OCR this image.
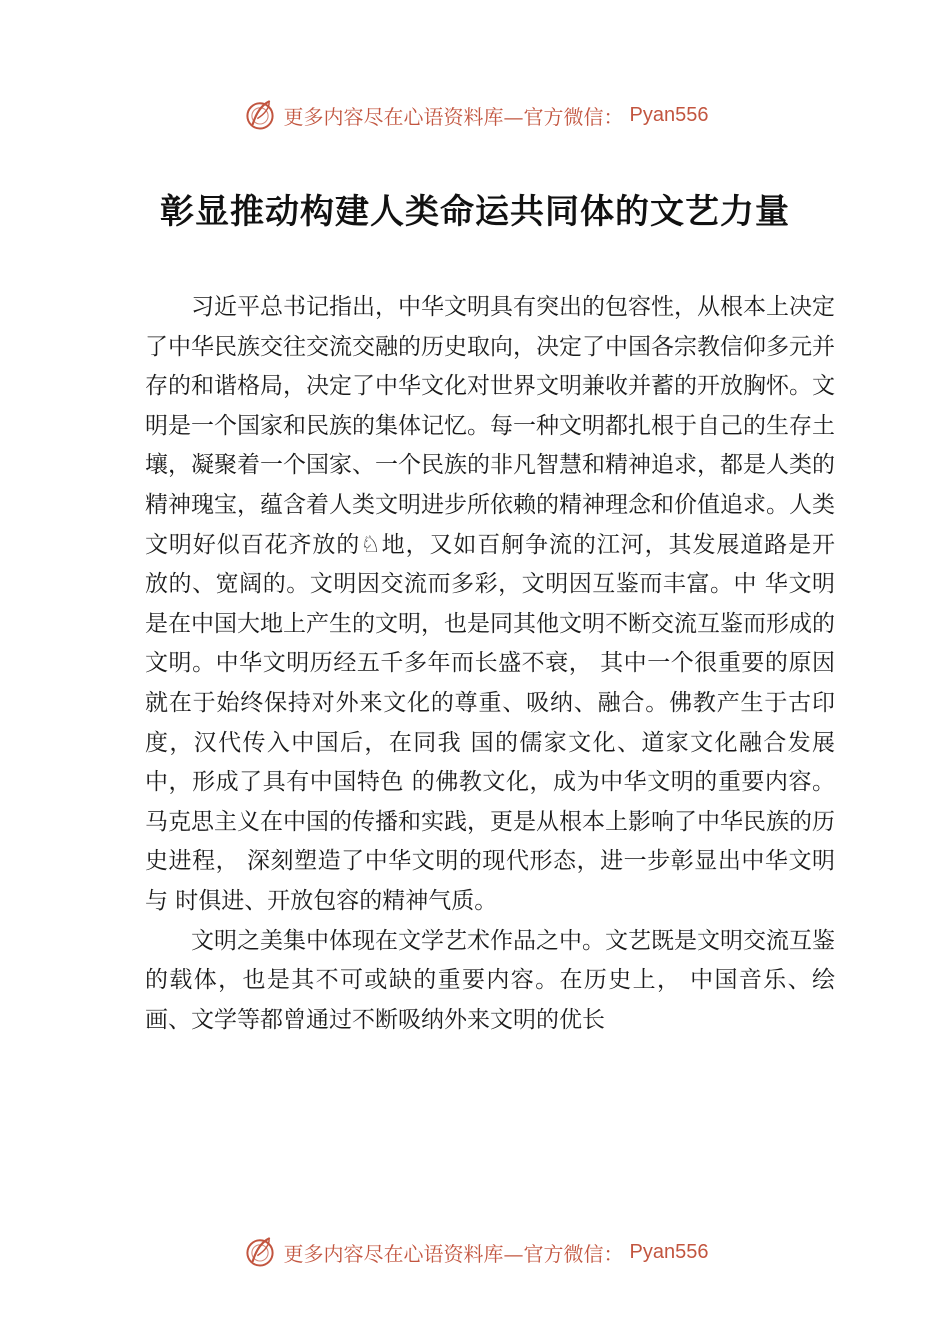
更多内容尽在心语资料库—官方微信： Pyan556
彰显推动构建人类命运共同体的文艺力量

习近平总书记指出，中华文明具有突出的包容性，从根本上决定了中华民族交往交流交融的历史取向，决定了中国各宗教信仰多元并存的和谐格局，决定了中华文化对世界文明兼收并蓄的开放胸怀。文明是一个国家和民族的集体记忆。每一种文明都扎根于自己的生存土壤，凝聚着一个国家、一个民族的非凡智慧和精神追求，都是人类的精神瑰宝，蕴含着人类文明进步所依赖的精神理念和价值追求。人类文明好似百花齐放的♘地，又如百舸争流的江河，其发展道路是开 放的、宽阔的。文明因交流而多彩，文明因互鉴而丰富。中 华文明是在中国大地上产生的文明，也是同其他文明不断交流互鉴而形成的文明。中华文明历经五千多年而长盛不衰， 其中一个很重要的原因就在于始终保持对外来文化的尊重、吸纳、融合。佛教产生于古印度，汉代传入中国后，在同我 国的儒家文化、道家文化融合发展中，形成了具有中国特色 的佛教文化，成为中华文明的重要内容。马克思主义在中国的传播和实践，更是从根本上影响了中华民族的历史进程， 深刻塑造了中华文明的现代形态，进一步彰显出中华文明与 时俱进、开放包容的精神气质。

文明之美集中体现在文学艺术作品之中。文艺既是文明交流互鉴的载体，也是其不可或缺的重要内容。在历史上， 中国音乐、绘画、文学等都曾通过不断吸纳外来文明的优长

更多内容尽在心语资料库—官方微信： Pyan556
